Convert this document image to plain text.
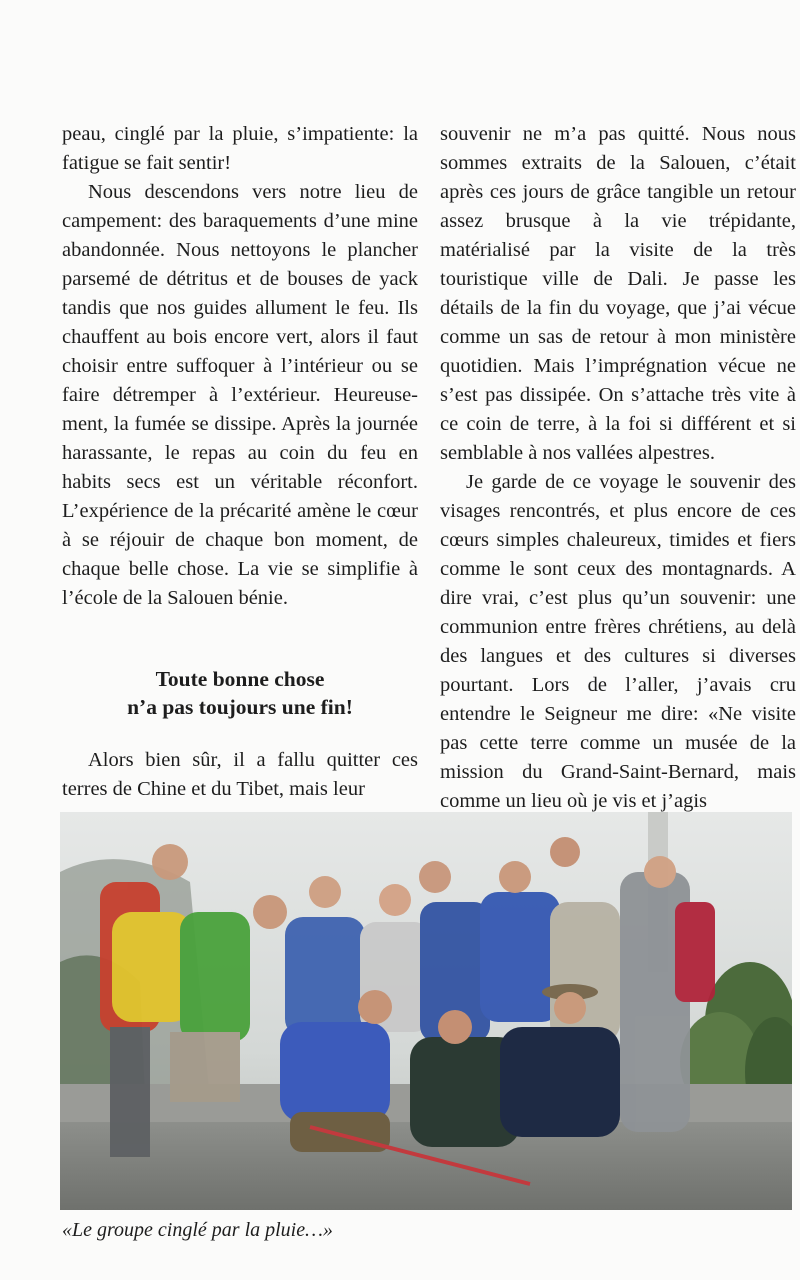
peau, cinglé par la pluie, s’impatiente: la fatigue se fait sentir!

Nous descendons vers notre lieu de campement: des baraquements d’une mine abandonnée. Nous nettoyons le plancher parsemé de détritus et de bouses de yack tandis que nos guides allument le feu. Ils chauffent au bois encore vert, alors il faut choisir entre suffoquer à l’intérieur ou se faire détremper à l’extérieur. Heureusement, la fumée se dissipe. Après la journée harassante, le repas au coin du feu en habits secs est un véritable réconfort. L’expérience de la précarité amène le cœur à se réjouir de chaque bon moment, de chaque belle chose. La vie se simplifie à l’école de la Salouen bénie.

Toute bonne chose
n’a pas toujours une fin!

Alors bien sûr, il a fallu quitter ces terres de Chine et du Tibet, mais leur

souvenir ne m’a pas quitté. Nous nous sommes extraits de la Salouen, c’était après ces jours de grâce tangible un retour assez brusque à la vie trépidante, matérialisé par la visite de la très touristique ville de Dali. Je passe les détails de la fin du voyage, que j’ai vécue comme un sas de retour à mon ministère quotidien. Mais l’imprégnation vécue ne s’est pas dissipée. On s’attache très vite à ce coin de terre, à la foi si différent et si semblable à nos vallées alpestres.

Je garde de ce voyage le souvenir des visages rencontrés, et plus encore de ces cœurs simples chaleureux, timides et fiers comme le sont ceux des montagnards. A dire vrai, c’est plus qu’un souvenir: une communion entre frères chrétiens, au delà des langues et des cultures si diverses pourtant. Lors de l’aller, j’avais cru entendre le Seigneur me dire: «Ne visite pas cette terre comme un musée de la mission du Grand-Saint-Bernard, mais comme un lieu où je vis et j’agis

«Le groupe cinglé par la pluie…»
